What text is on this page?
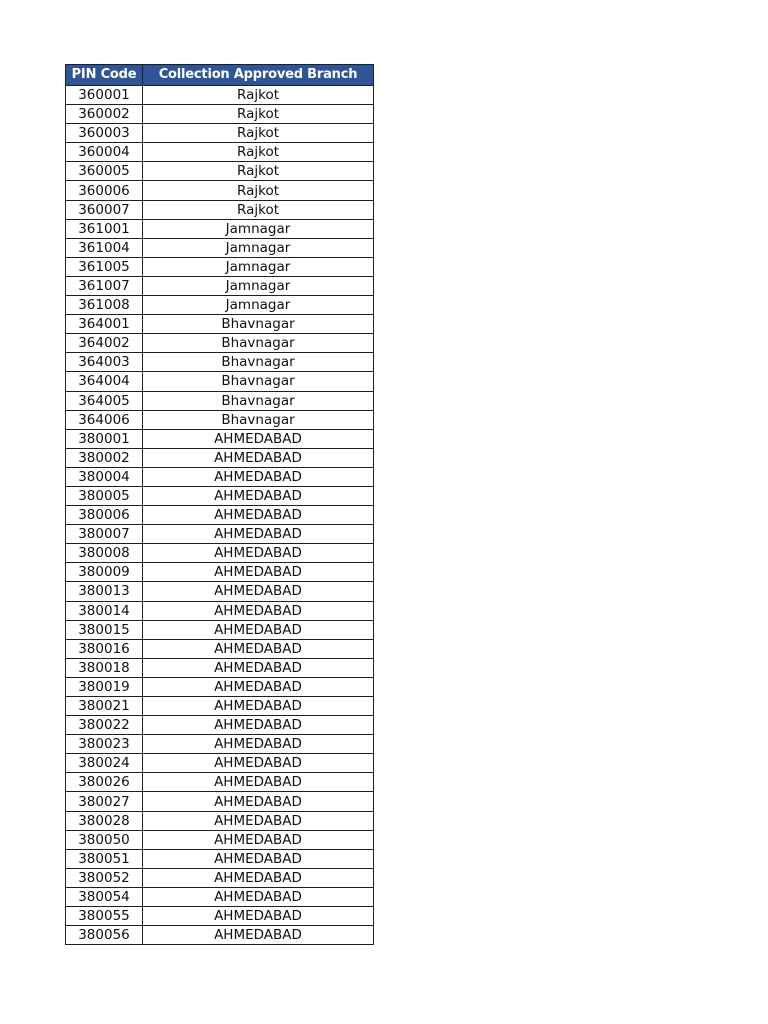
PIN Code	Collection Approved Branch
360001	Rajkot
360002	Rajkot
360003	Rajkot
360004	Rajkot
360005	Rajkot
360006	Rajkot
360007	Rajkot
361001	Jamnagar
361004	Jamnagar
361005	Jamnagar
361007	Jamnagar
361008	Jamnagar
364001	Bhavnagar
364002	Bhavnagar
364003	Bhavnagar
364004	Bhavnagar
364005	Bhavnagar
364006	Bhavnagar
380001	AHMEDABAD
380002	AHMEDABAD
380004	AHMEDABAD
380005	AHMEDABAD
380006	AHMEDABAD
380007	AHMEDABAD
380008	AHMEDABAD
380009	AHMEDABAD
380013	AHMEDABAD
380014	AHMEDABAD
380015	AHMEDABAD
380016	AHMEDABAD
380018	AHMEDABAD
380019	AHMEDABAD
380021	AHMEDABAD
380022	AHMEDABAD
380023	AHMEDABAD
380024	AHMEDABAD
380026	AHMEDABAD
380027	AHMEDABAD
380028	AHMEDABAD
380050	AHMEDABAD
380051	AHMEDABAD
380052	AHMEDABAD
380054	AHMEDABAD
380055	AHMEDABAD
380056	AHMEDABAD
